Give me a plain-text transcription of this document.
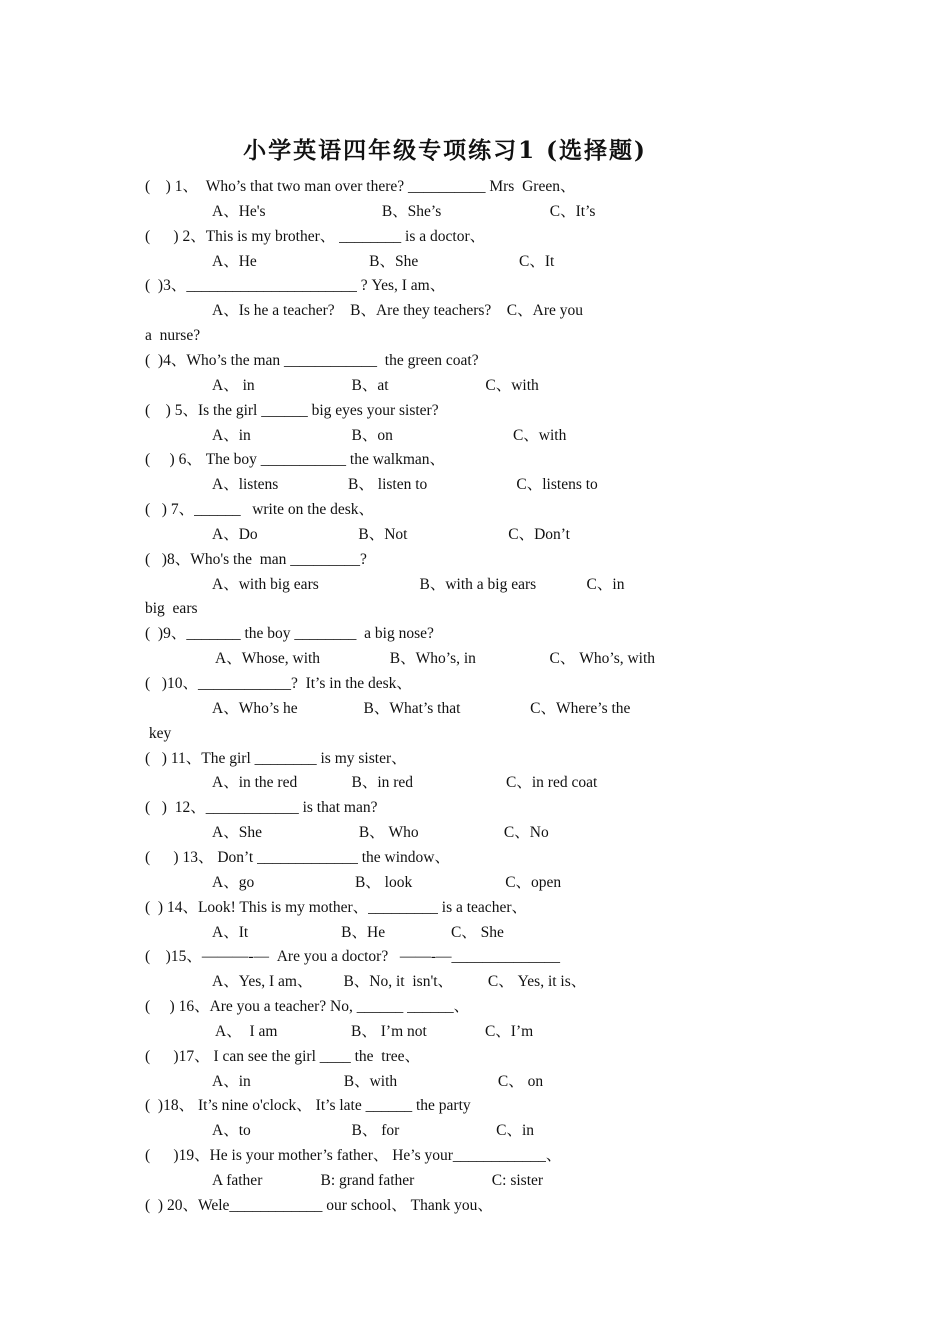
小学英语四年级专项练习1 (选择题)
(    ) 1、  Who’s that two man over there? __________ Mrs  Green、
A、He's                              B、She’s                            C、It’s
(      ) 2、This is my brother、 ________ is a doctor、
A、He                             B、She                          C、It
(  )3、______________________ ? Yes, I am、
A、Is he a teacher?    B、Are they teachers?    C、Are you
a  nurse?
(  )4、Who’s the man ____________  the green coat?
A、 in                         B、at                         C、with
(    ) 5、Is the girl ______ big eyes your sister?
A、in                          B、on                               C、with
(     ) 6、 The boy ___________ the walkman、
A、listens                  B、 listen to                       C、listens to
(   ) 7、______   write on the desk、
A、Do                          B、Not                          C、Don’t
(   )8、Who's the  man _________?
A、with big ears                          B、with a big ears             C、in
big  ears
(  )9、_______ the boy ________  a big nose?
A、Whose, with                  B、Who’s, in                   C、 Who’s, with
(   )10、____________?  It’s in the desk、
A、Who’s he                 B、What’s that                  C、Where’s the
key
(   ) 11、The girl ________ is my sister、
A、in the red              B、in red                        C、in red coat
(   )  12、____________ is that man?
A、She                         B、 Who                      C、No
(      ) 13、 Don’t _____________ the window、
A、go                          B、 look                        C、open
(  ) 14、Look! This is my mother、_________ is a teacher、
A、It                        B、He                 C、 She
(    )15、———-—  Are you a doctor?   ——-—______________
A、Yes, I am、        B、No, it  isn't、         C、 Yes, it is、
(     ) 16、Are you a teacher? No, ______ ______、
A、  I am                   B、 I’m not               C、I’m
(      )17、 I can see the girl ____ the  tree、
A、in                        B、with                          C、 on
(  )18、 It’s nine o'clock、 It’s late ______ the party
A、to                          B、 for                         C、in
(      )19、He is your mother’s father、 He’s your____________、
A father               B: grand father                    C: sister
(  ) 20、Wele____________ our school、 Thank you、
